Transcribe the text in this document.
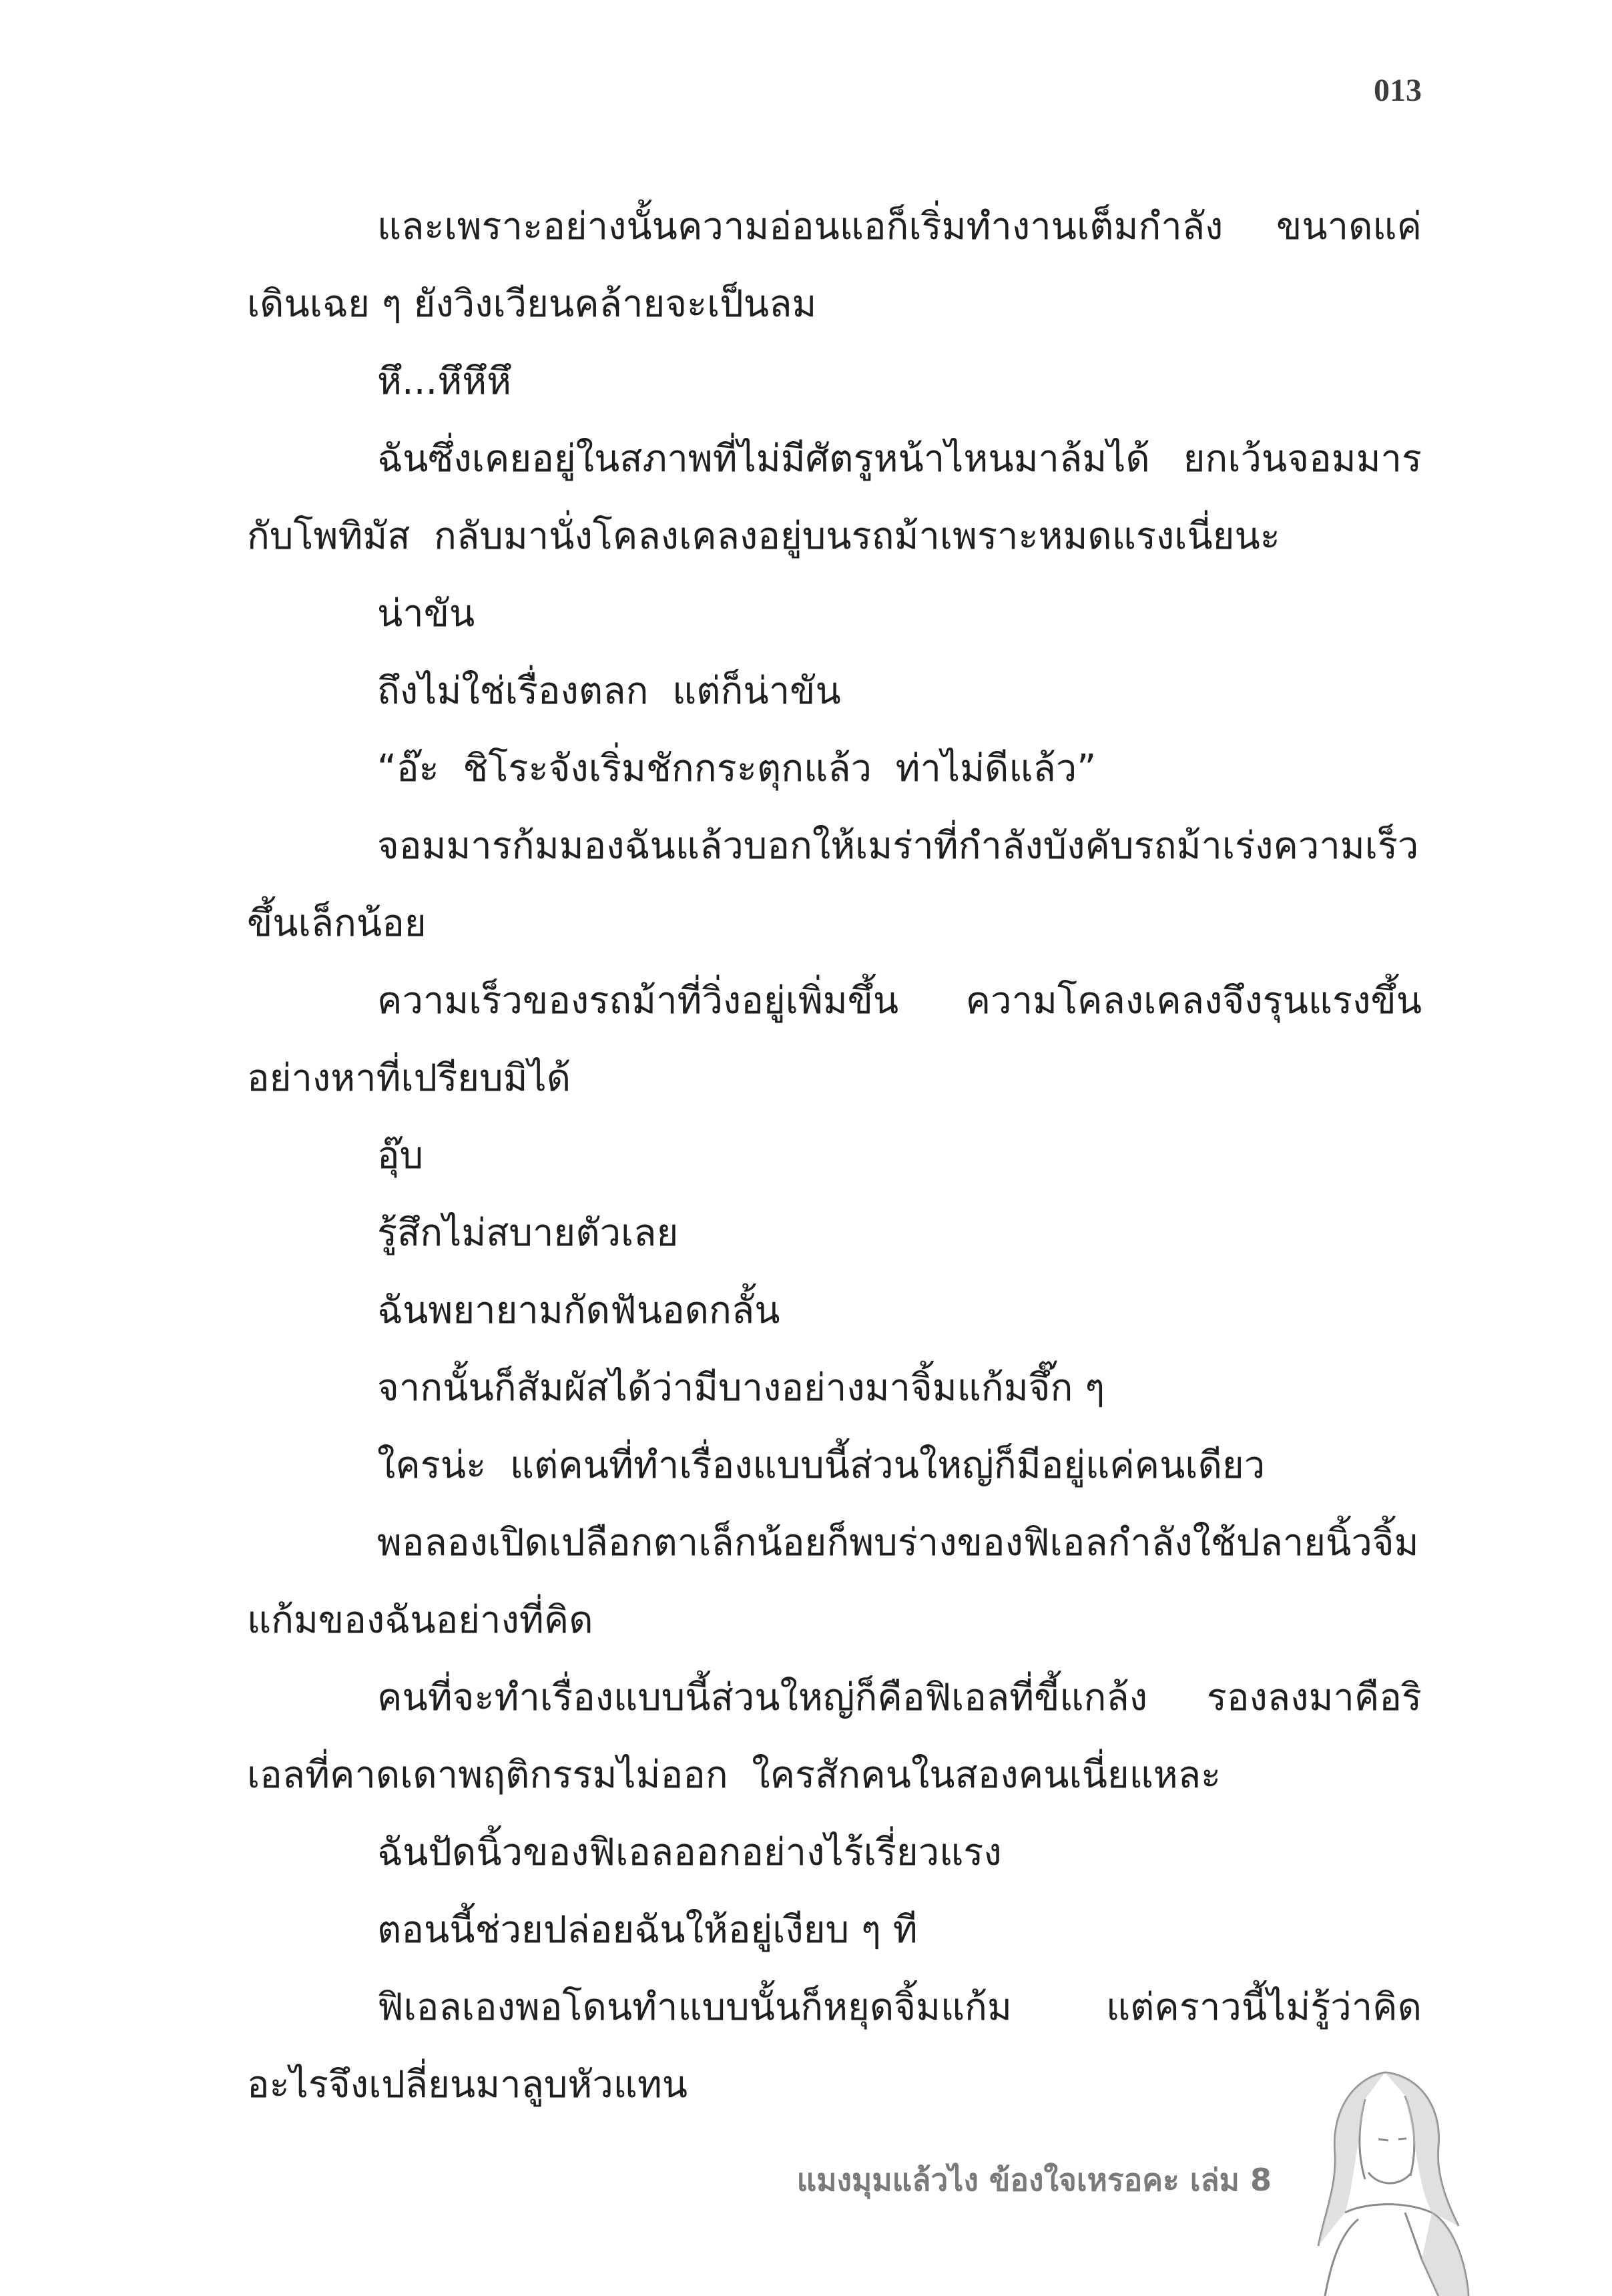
013

และเพราะอย่างนั้นความอ่อนแอก็เริ่มทำงานเต็มกำลัง ขนาดแค่เดินเฉย ๆ ยังวิงเวียนคล้ายจะเป็นลม

หึ...หึหึหึ

ฉันซึ่งเคยอยู่ในสภาพที่ไม่มีศัตรูหน้าไหนมาล้มได้  ยกเว้นจอมมารกับโพทิมัส  กลับมานั่งโคลงเคลงอยู่บนรถม้าเพราะหมดแรงเนี่ยนะ

น่าขัน

ถึงไม่ใช่เรื่องตลก  แต่ก็น่าขัน

“อ๊ะ  ชิโระจังเริ่มชักกระตุกแล้ว  ท่าไม่ดีแล้ว”

จอมมารก้มมองฉันแล้วบอกให้เมร่าที่กำลังบังคับรถม้าเร่งความเร็วขึ้นเล็กน้อย

ความเร็วของรถม้าที่วิ่งอยู่เพิ่มขึ้น  ความโคลงเคลงจึงรุนแรงขึ้นอย่างหาที่เปรียบมิได้

อุ๊บ

รู้สึกไม่สบายตัวเลย

ฉันพยายามกัดฟันอดกลั้น

จากนั้นก็สัมผัสได้ว่ามีบางอย่างมาจิ้มแก้มจึ๊ก ๆ

ใครน่ะ  แต่คนที่ทำเรื่องแบบนี้ส่วนใหญ่ก็มีอยู่แค่คนเดียว

พอลองเปิดเปลือกตาเล็กน้อยก็พบร่างของฟิเอลกำลังใช้ปลายนิ้วจิ้มแก้มของฉันอย่างที่คิด

คนที่จะทำเรื่องแบบนี้ส่วนใหญ่ก็คือฟิเอลที่ขี้แกล้ง  รองลงมาคือริเอลที่คาดเดาพฤติกรรมไม่ออก  ใครสักคนในสองคนเนี่ยแหละ

ฉันปัดนิ้วของฟิเอลออกอย่างไร้เรี่ยวแรง

ตอนนี้ช่วยปล่อยฉันให้อยู่เงียบ ๆ ที

ฟิเอลเองพอโดนทำแบบนั้นก็หยุดจิ้มแก้ม  แต่คราวนี้ไม่รู้ว่าคิดอะไรจึงเปลี่ยนมาลูบหัวแทน

แมงมุมแล้วไง ข้องใจเหรอคะ เล่ม 8
